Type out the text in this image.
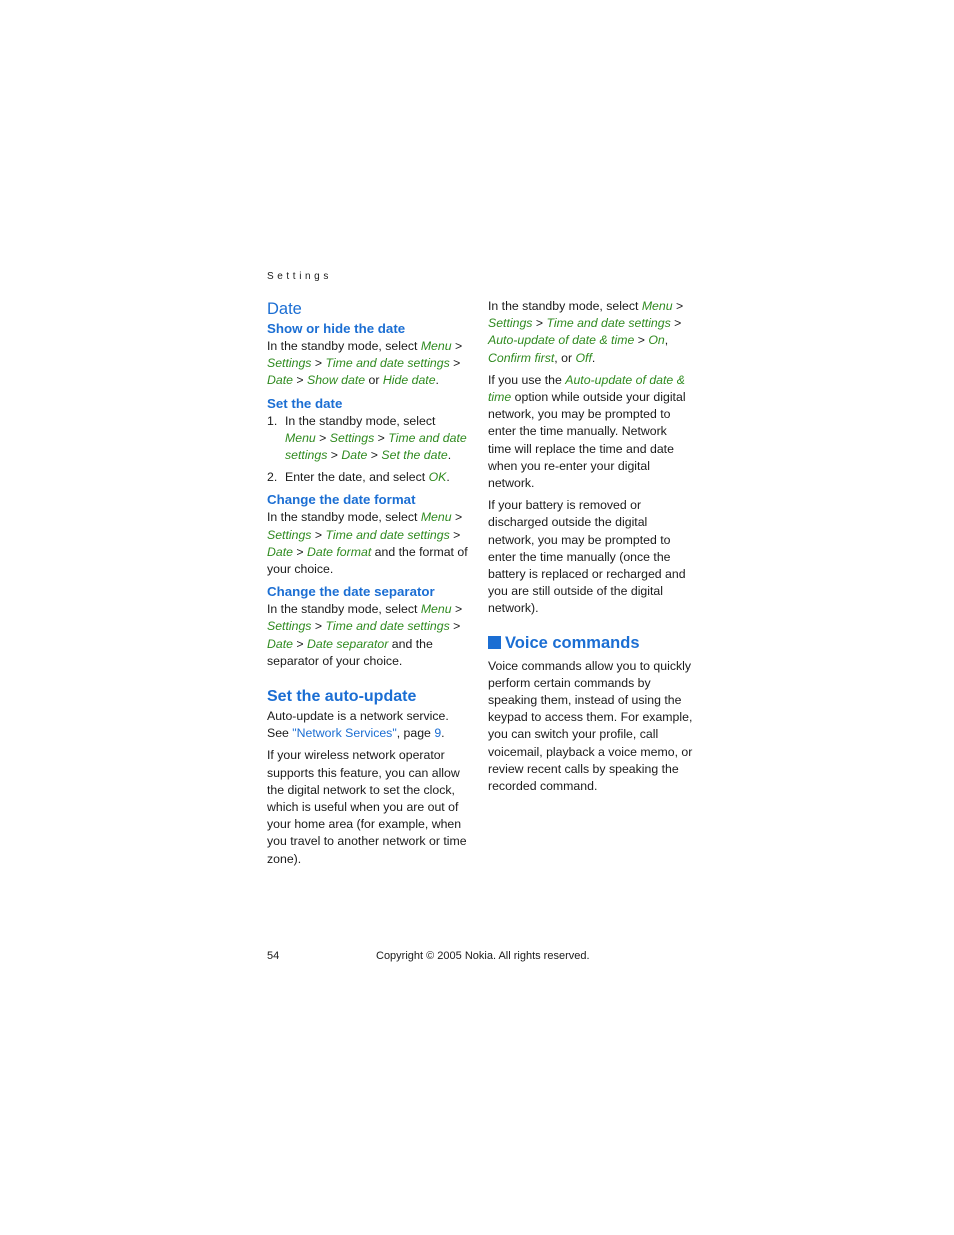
Settings
Date
Show or hide the date

In the standby mode, select Menu > Settings > Time and date settings > Date > Show date or Hide date.

Set the date
1. In the standby mode, select Menu > Settings > Time and date settings > Date > Set the date.
2. Enter the date, and select OK.
Change the date format

In the standby mode, select Menu > Settings > Time and date settings > Date > Date format and the format of your choice.

Change the date separator

In the standby mode, select Menu > Settings > Time and date settings > Date > Date separator and the separator of your choice.

Set the auto-update

Auto-update is a network service. See "Network Services", page 9.

If your wireless network operator supports this feature, you can allow the digital network to set the clock, which is useful when you are out of your home area (for example, when you travel to another network or time zone).

In the standby mode, select Menu > Settings > Time and date settings > Auto-update of date & time > On, Confirm first, or Off.

If you use the Auto-update of date & time option while outside your digital network, you may be prompted to enter the time manually. Network time will replace the time and date when you re-enter your digital network.

If your battery is removed or discharged outside the digital network, you may be prompted to enter the time manually (once the battery is replaced or recharged and you are still outside of the digital network).

Voice commands

Voice commands allow you to quickly perform certain commands by speaking them, instead of using the keypad to access them. For example, you can switch your profile, call voicemail, playback a voice memo, or review recent calls by speaking the recorded command.

54	Copyright © 2005 Nokia. All rights reserved.
